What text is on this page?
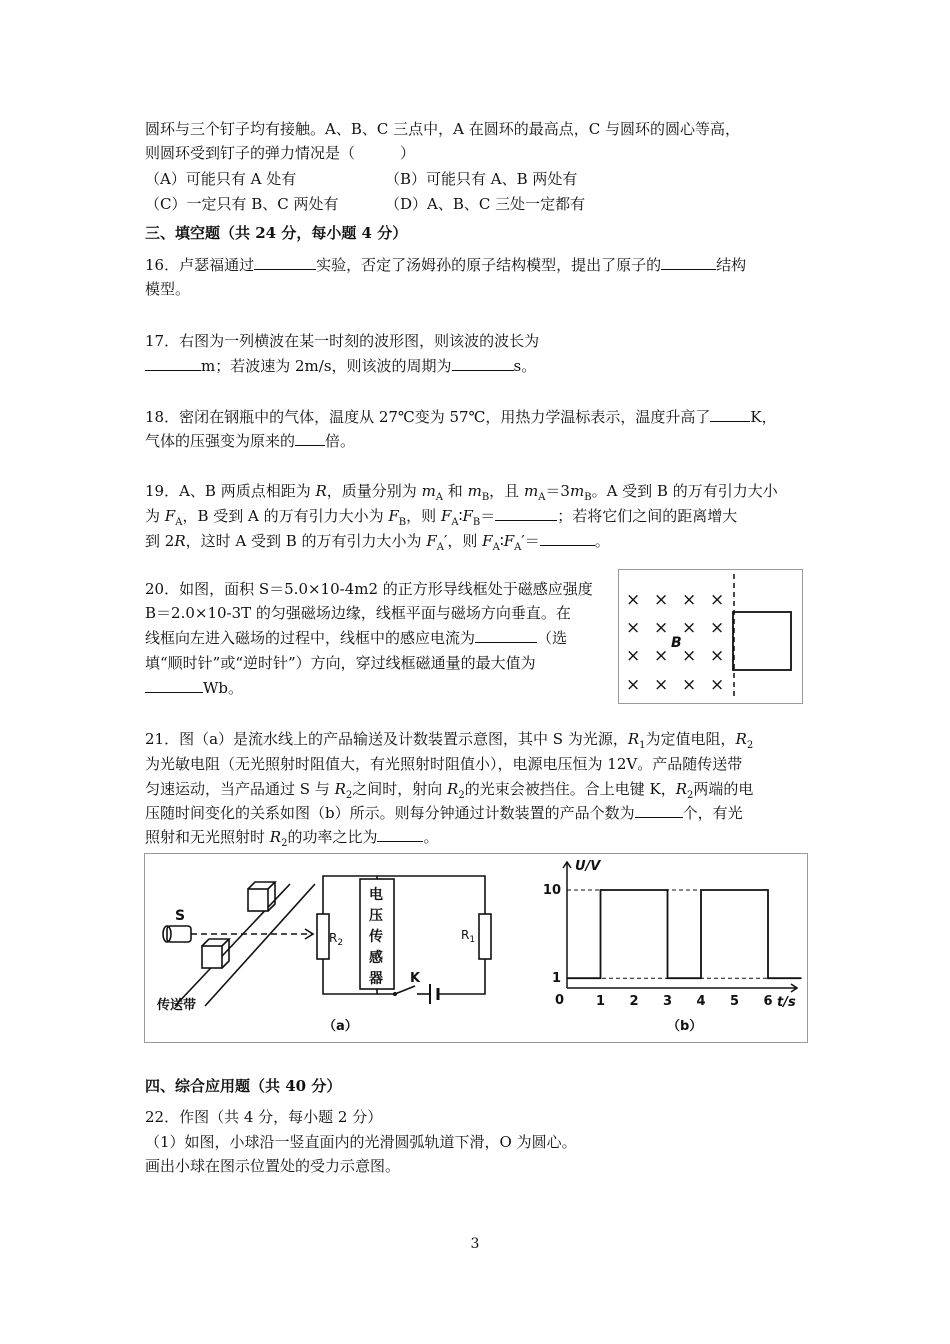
圆环与三个钉子均有接触。A、B、C 三点中，A 在圆环的最高点，C 与圆环的圆心等高，
则圆环受到钉子的弹力情况是（　　　）
（A）可能只有 A 处有	（B）可能只有 A、B 两处有
（C）一定只有 B、C 两处有	（D）A、B、C 三处一定都有
三、填空题（共 24 分，每小题 4 分）
16．卢瑟福通过	实验，否定了汤姆孙的原子结构模型，提出了原子的	结构
模型。
17．右图为一列横波在某一时刻的波形图，则该波的波长为
m；若波速为 2m/s，则该波的周期为	s。
18．密闭在钢瓶中的气体，温度从 27℃变为 57℃，用热力学温标表示，温度升高了	K，
气体的压强变为原来的 倍。
19．A、B 两质点相距为 R，质量分别为 $m_A$ 和 $m_B$，且 $m_A=3m_B$。A 受到 B 的万有引力大小
为 $F_A$，B 受到 A 的万有引力大小为 $F_B$，则 $F_A∶F_B=$	；若将它们之间的距离增大
到 2R，这时 A 受到 B 的万有引力大小为 $F_A'$，则 $F_A∶F_A'=$	。
20．如图，面积 S＝5.0×10-4m2 的正方形导线框处于磁感应强度
B＝2.0×10-3T 的匀强磁场边缘，线框平面与磁场方向垂直。在
线框向左进入磁场的过程中，线框中的感应电流为	（选
填“顺时针”或“逆时针”）方向，穿过线框磁通量的最大值为
Wb。
× × × ×
× × × ×
× × × ×
× × × ×
B
21．图（a）是流水线上的产品输送及计数装置示意图，其中 S 为光源，$R_1$为定值电阻，$R_2$
为光敏电阻（无光照射时阻值大，有光照射时阻值小），电源电压恒为 12V。产品随传送带
匀速运动，当产品通过 S 与 $R_2$之间时，射向 $R_2$的光束会被挡住。合上电键 K，$R_2$两端的电
压随时间变化的关系如图（b）所示。则每分钟通过计数装置的产品个数为	个，有光
照射和无光照射时 $R_2$的功率之比为	。
S
$R_2$
$R_1$
电
压
传
感
器 K
传送带
（a）
U/V
t/s
0
1
10
1 2 3 4 5 6
（b）
四、综合应用题（共 40 分）
22．作图（共 4 分，每小题 2 分）
（1）如图，小球沿一竖直面内的光滑圆弧轨道下滑，O 为圆心。
画出小球在图示位置处的受力示意图。
3
